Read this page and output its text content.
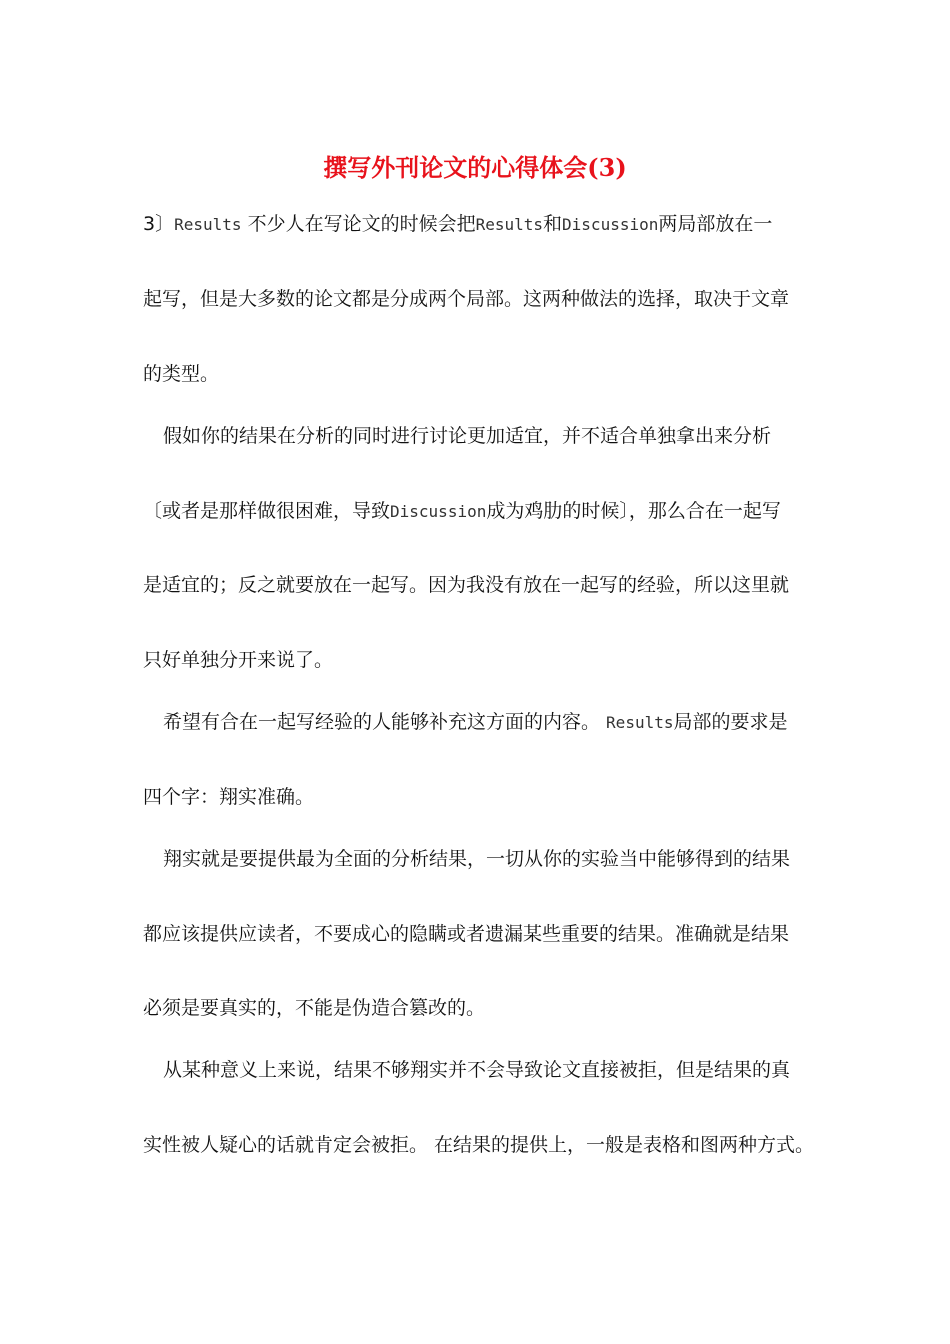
撰写外刊论文的心得体会(3)
3〕Results 不少人在写论文的时候会把Results和Discussion两局部放在一
起写，但是大多数的论文都是分成两个局部。这两种做法的选择，取决于文章
的类型。
假如你的结果在分析的同时进行讨论更加适宜，并不适合单独拿出来分析
〔或者是那样做很困难，导致Discussion成为鸡肋的时候〕，那么合在一起写
是适宜的；反之就要放在一起写。因为我没有放在一起写的经验，所以这里就
只好单独分开来说了。
希望有合在一起写经验的人能够补充这方面的内容。 Results局部的要求是
四个字：翔实准确。
翔实就是要提供最为全面的分析结果，一切从你的实验当中能够得到的结果
都应该提供应读者，不要成心的隐瞒或者遗漏某些重要的结果。准确就是结果
必须是要真实的，不能是伪造合篡改的。
从某种意义上来说，结果不够翔实并不会导致论文直接被拒，但是结果的真
实性被人疑心的话就肯定会被拒。 在结果的提供上，一般是表格和图两种方式。
